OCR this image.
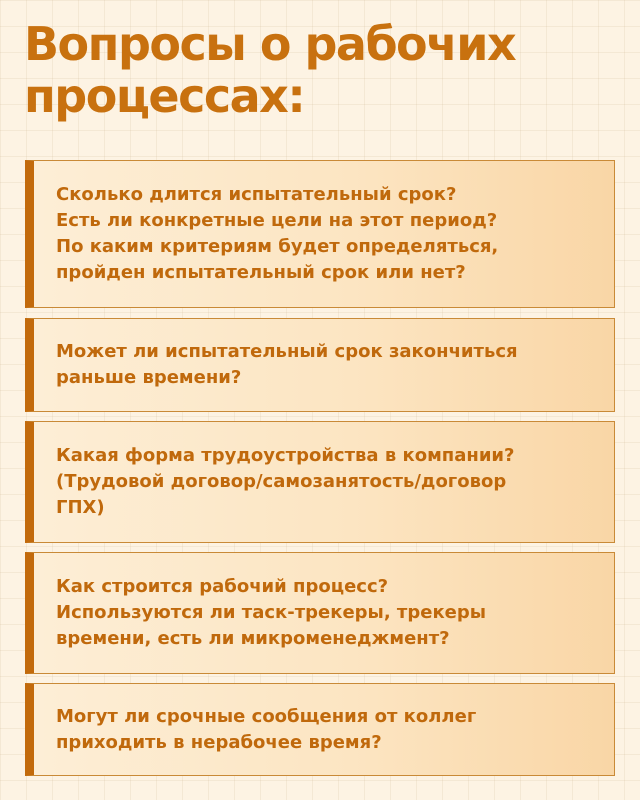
Вопросы о рабочих
процессах:

Сколько длится испытательный срок?
Есть ли конкретные цели на этот период?
По каким критериям будет определяться,
пройден испытательный срок или нет?

Может ли испытательный срок закончиться
раньше времени?

Какая форма трудоустройства в компании?
(Трудовой договор/самозанятость/договор
ГПХ)

Как строится рабочий процесс?
Используются ли таск-трекеры, трекеры
времени, есть ли микроменеджмент?

Могут ли срочные сообщения от коллег
приходить в нерабочее время?
